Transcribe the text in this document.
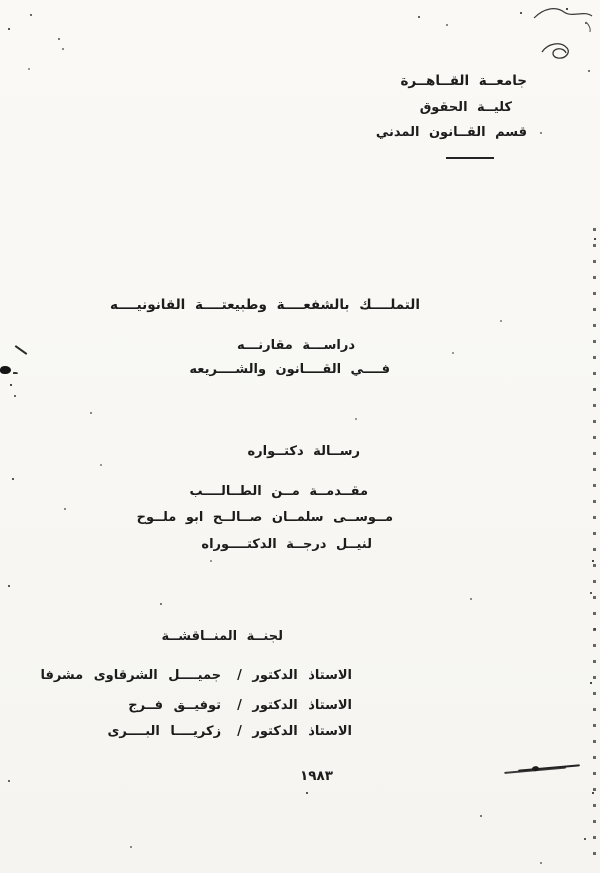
جامعــة القــاهــرة
كليــة الحقوق
قسم القــانون المدني
التملــــك بالشفعــــة وطبيعتــــة القانونيــــه
دراســـة مقارنـــه
فــــي القــــانون والشــــريعه
رســالة دكتــواره
مقــدمــة مــن الطــالــــب
مــوســى سلمــان صــالــح ابو ملــوح
لنيــل درجــة الدكتــــوراه
لجنــة المنــاقشــة
الاستاذ الدكتور /
جميــــل الشرقاوى مشرفا
الاستاذ الدكتور /
توفيــق فــرج
الاستاذ الدكتور /
زكريــــا البــــرى
١٩٨٣
